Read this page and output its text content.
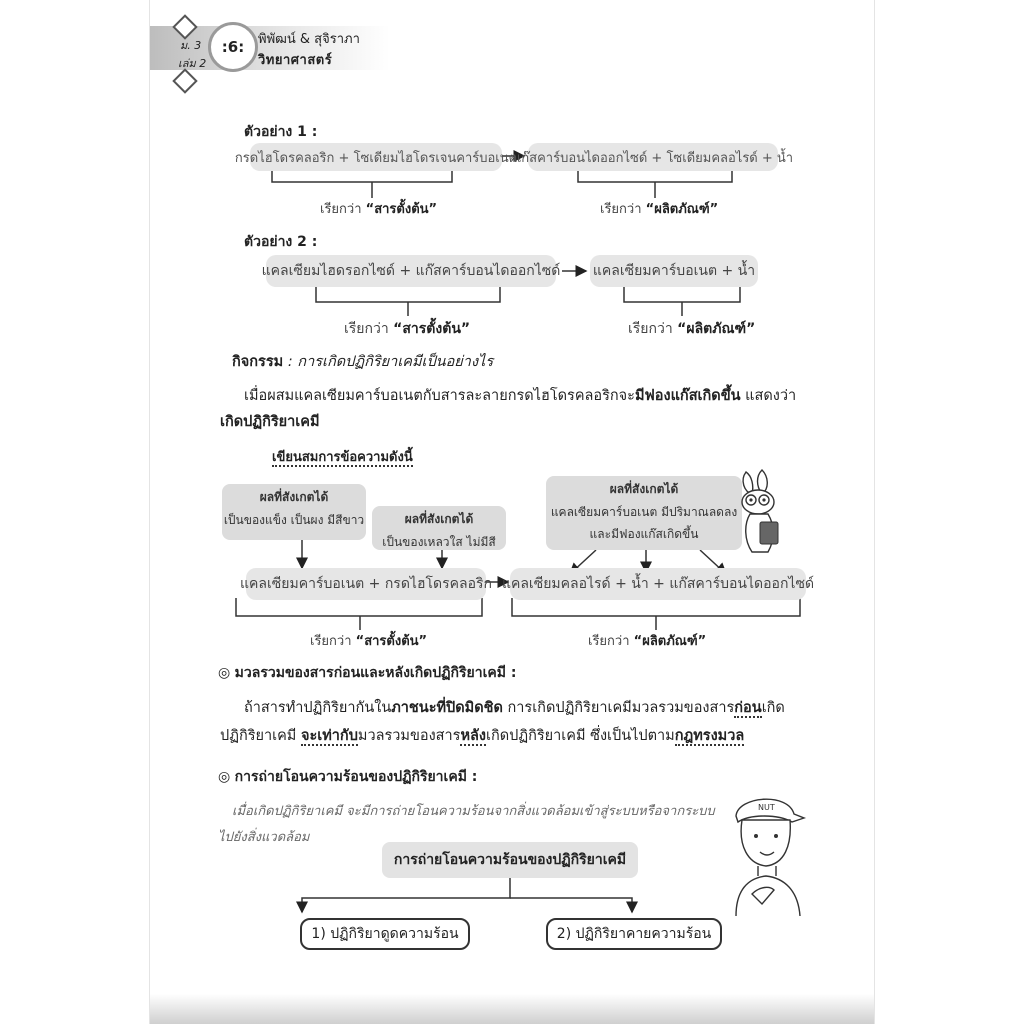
ม. 3
เล่ม 2
:6:	พิพัฒน์ & สุจิราภา
วิทยาศาสตร์
ตัวอย่าง 1 :
กรดไฮโดรคลอริก + โซเดียมไฮโดรเจนคาร์บอเนต
แก๊สคาร์บอนไดออกไซด์ + โซเดียมคลอไรด์ + น้ำ
เรียกว่า “สารตั้งต้น”	เรียกว่า “ผลิตภัณฑ์”
ตัวอย่าง 2 :
แคลเซียมไฮดรอกไซด์ + แก๊สคาร์บอนไดออกไซด์ แคลเซียมคาร์บอเนต + น้ำ
เรียกว่า “สารตั้งต้น”	เรียกว่า “ผลิตภัณฑ์”
กิจกรรม : การเกิดปฏิกิริยาเคมีเป็นอย่างไร
เมื่อผสมแคลเซียมคาร์บอเนตกับสารละลายกรดไฮโดรคลอริกจะมีฟองแก๊สเกิดขึ้น แสดงว่า
เกิดปฏิกิริยาเคมี
เขียนสมการข้อความดังนี้
ผลที่สังเกตได้
เป็นของแข็ง เป็นผง มีสีขาว	ผลที่สังเกตได้
เป็นของเหลวใส ไม่มีสี
ผลที่สังเกตได้
แคลเซียมคาร์บอเนต มีปริมาณลดลง
และมีฟองแก๊สเกิดขึ้น
แคลเซียมคาร์บอเนต + กรดไฮโดรคลอริก แคลเซียมคลอไรด์ + น้ำ + แก๊สคาร์บอนไดออกไซด์
เรียกว่า “สารตั้งต้น”	เรียกว่า “ผลิตภัณฑ์”
◎ มวลรวมของสารก่อนและหลังเกิดปฏิกิริยาเคมี :
ถ้าสารทำปฏิกิริยากันในภาชนะที่ปิดมิดชิด การเกิดปฏิกิริยาเคมีมวลรวมของสารก่อนเกิด
ปฏิกิริยาเคมี จะเท่ากับมวลรวมของสารหลังเกิดปฏิกิริยาเคมี ซึ่งเป็นไปตามกฎทรงมวล
◎ การถ่ายโอนความร้อนของปฏิกิริยาเคมี :
เมื่อเกิดปฏิกิริยาเคมี จะมีการถ่ายโอนความร้อนจากสิ่งแวดล้อมเข้าสู่ระบบหรือจากระบบ
ไปยังสิ่งแวดล้อม
การถ่ายโอนความร้อนของปฏิกิริยาเคมี
1) ปฏิกิริยาดูดความร้อน	2) ปฏิกิริยาคายความร้อน
NUT
